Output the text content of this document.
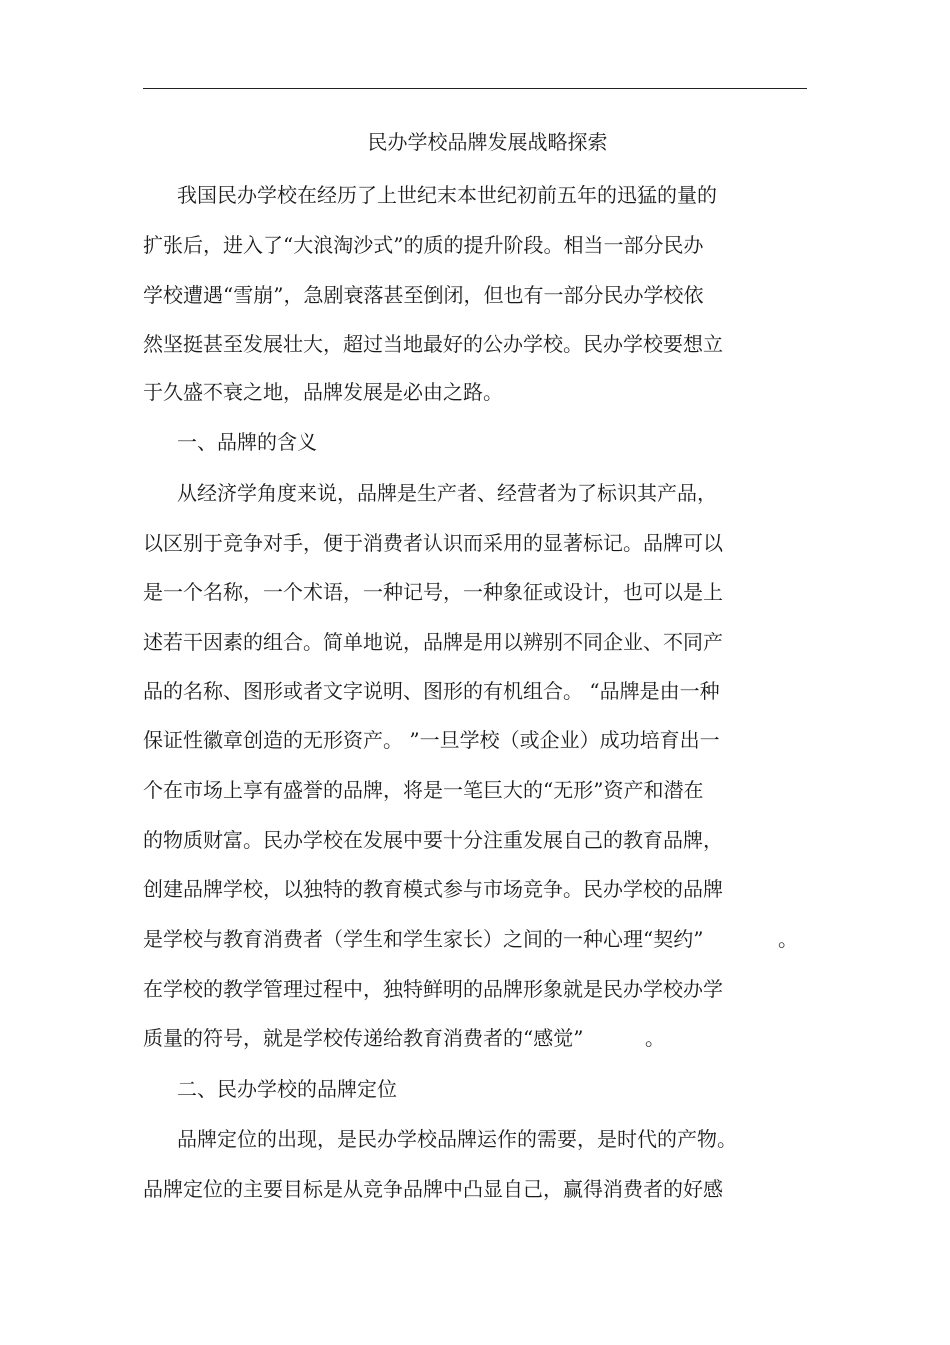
民办学校品牌发展战略探索
我国民办学校在经历了上世纪末本世纪初前五年的迅猛的量的
扩张后，进入了“大浪淘沙式”的质的提升阶段。相当一部分民办
学校遭遇“雪崩”，急剧衰落甚至倒闭，但也有一部分民办学校依
然坚挺甚至发展壮大，超过当地最好的公办学校。民办学校要想立
于久盛不衰之地，品牌发展是必由之路。
一、品牌的含义
从经济学角度来说，品牌是生产者、经营者为了标识其产品，
以区别于竞争对手，便于消费者认识而采用的显著标记。品牌可以
是一个名称，一个术语，一种记号，一种象征或设计，也可以是上
述若干因素的组合。简单地说，品牌是用以辨别不同企业、不同产
品的名称、图形或者文字说明、图形的有机组合。 “品牌是由一种
保证性徽章创造的无形资产。 ”一旦学校（或企业）成功培育出一
个在市场上享有盛誉的品牌，将是一笔巨大的“无形”资产和潜在
的物质财富。民办学校在发展中要十分注重发展自己的教育品牌，
创建品牌学校，以独特的教育模式参与市场竞争。民办学校的品牌
是学校与教育消费者（学生和学生家长）之间的一种心理“契约”	。
在学校的教学管理过程中，独特鲜明的品牌形象就是民办学校办学
质量的符号，就是学校传递给教育消费者的“感觉”	。
二、民办学校的品牌定位
品牌定位的出现，是民办学校品牌运作的需要，是时代的产物。
品牌定位的主要目标是从竞争品牌中凸显自己，赢得消费者的好感
